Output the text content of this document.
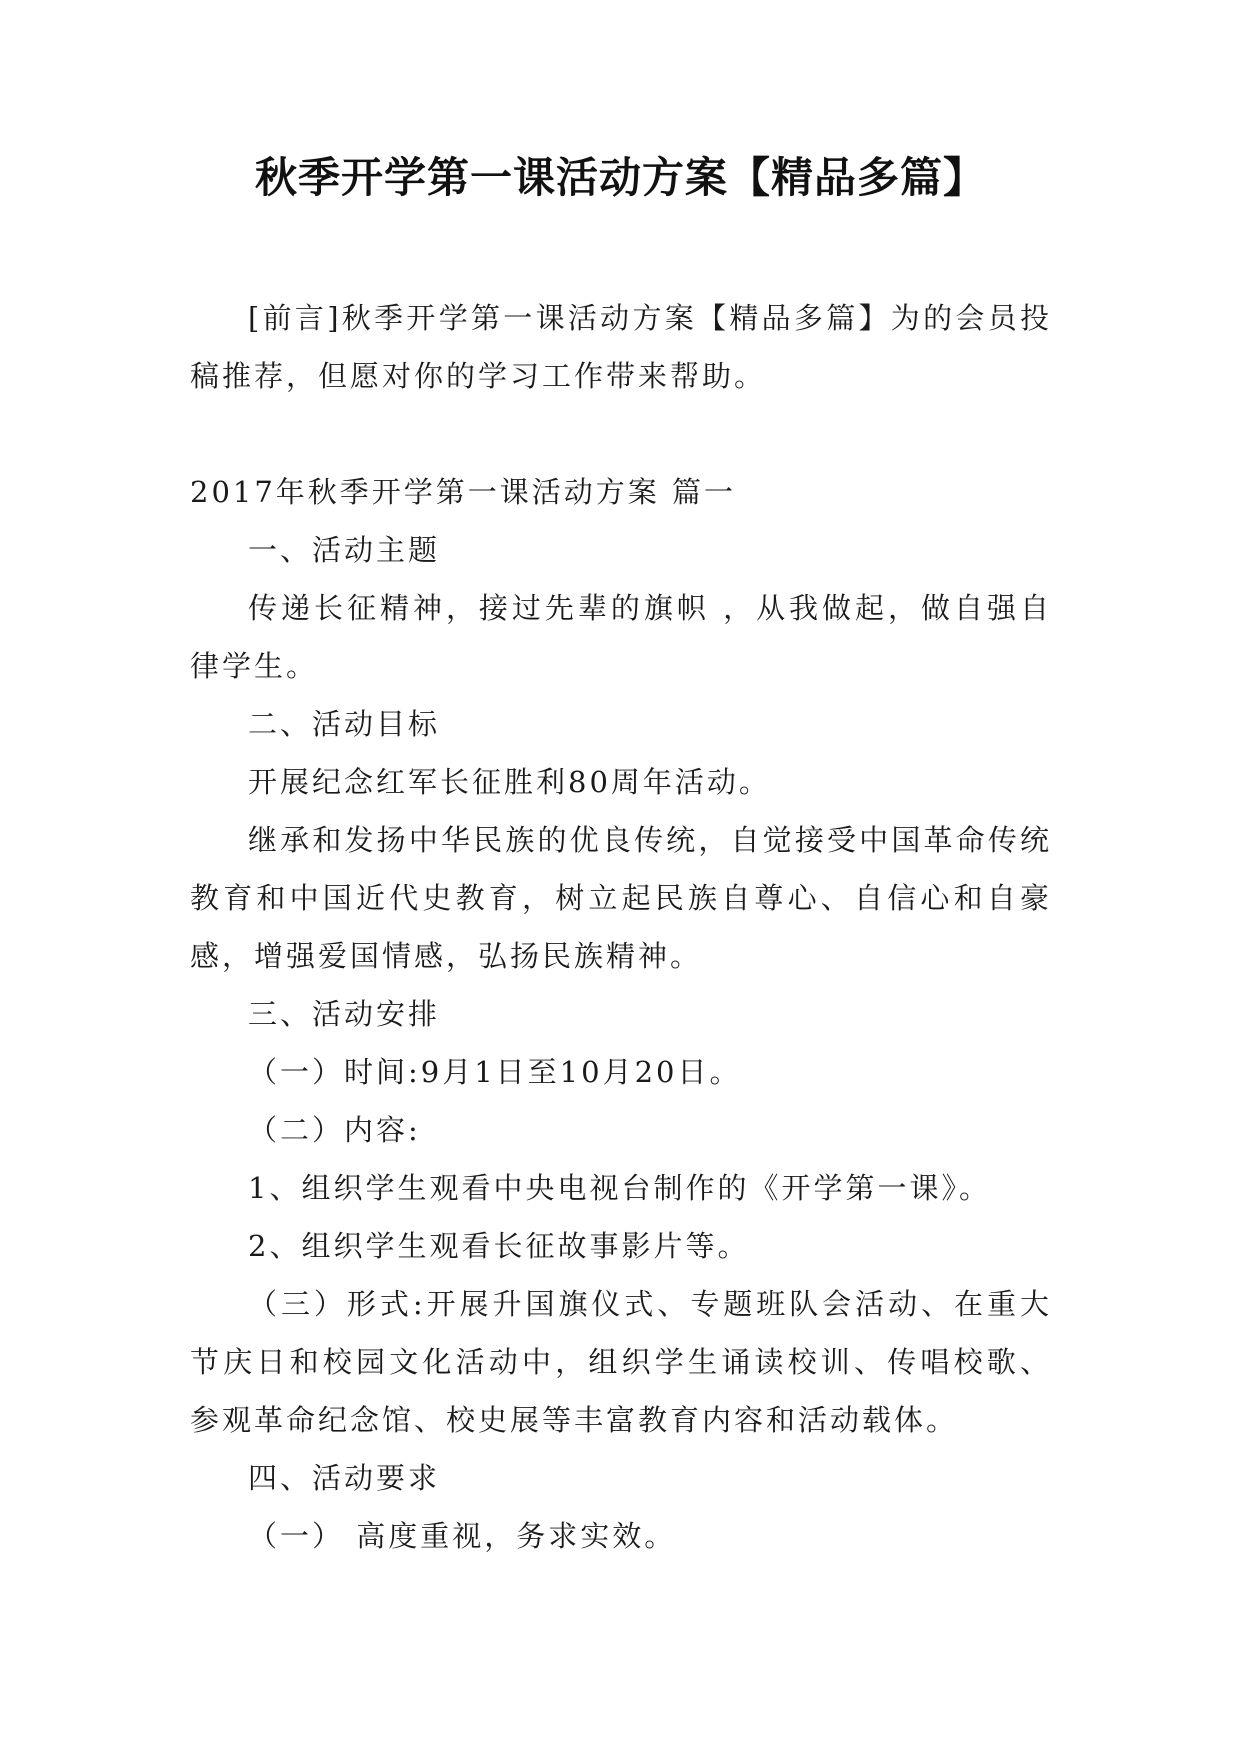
秋季开学第一课活动方案【精品多篇】

[前言]秋季开学第一课活动方案【精品多篇】为的会员投稿推荐，但愿对你的学习工作带来帮助。

2017年秋季开学第一课活动方案 篇一

一、活动主题

传递长征精神，接过先辈的旗帜 ，从我做起，做自强自律学生。

二、活动目标

开展纪念红军长征胜利80周年活动。

继承和发扬中华民族的优良传统，自觉接受中国革命传统教育和中国近代史教育，树立起民族自尊心、自信心和自豪感，增强爱国情感，弘扬民族精神。

三、活动安排

（一）时间:9月1日至10月20日。

（二）内容:

1、组织学生观看中央电视台制作的《开学第一课》。

2、组织学生观看长征故事影片等。

（三）形式:开展升国旗仪式、专题班队会活动、在重大节庆日和校园文化活动中，组织学生诵读校训、传唱校歌、参观革命纪念馆、校史展等丰富教育内容和活动载体。

四、活动要求

（一） 高度重视，务求实效。
